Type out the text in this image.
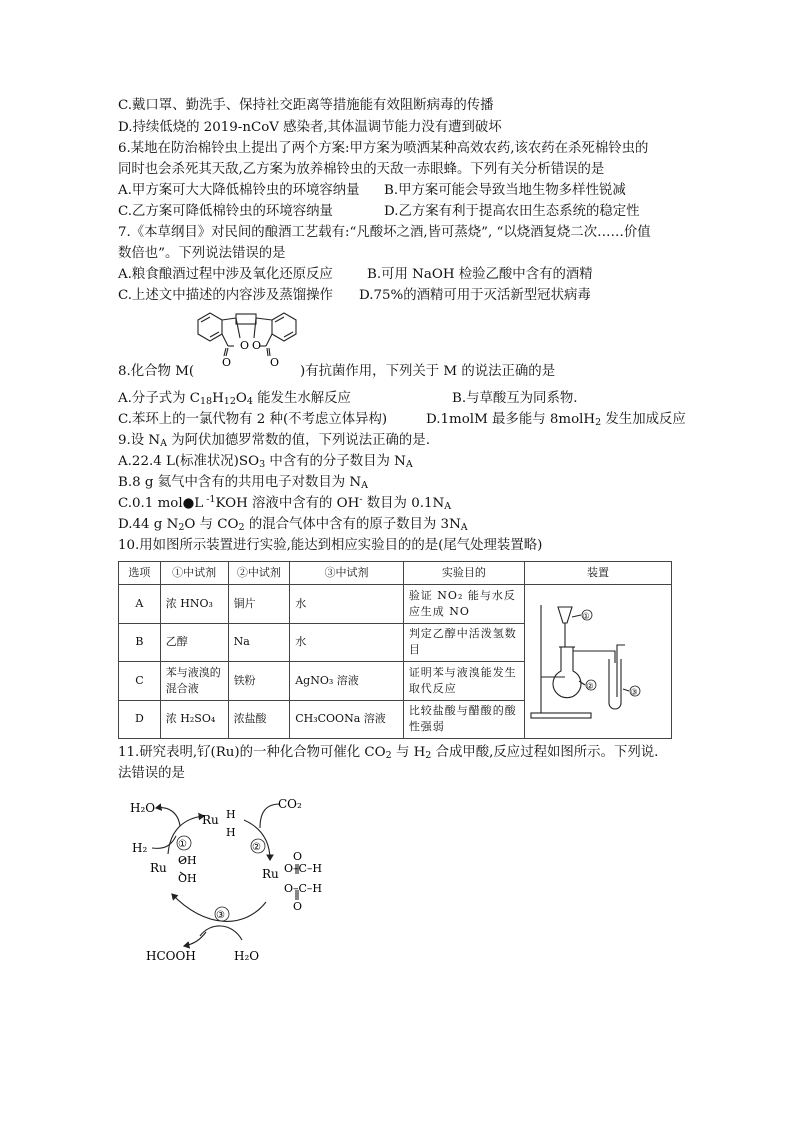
C.戴口罩、勤洗手、保持社交距离等措施能有效阻断病毒的传播
D.持续低烧的 2019-nCoV 感染者,其体温调节能力没有遭到破坏
6.某地在防治棉铃虫上提出了两个方案:甲方案为喷洒某种高效农药,该农药在杀死棉铃虫的
同时也会杀死其天敌,乙方案为放养棉铃虫的天敌一赤眼蜂。下列有关分析错误的是
A.甲方案可大大降低棉铃虫的环境容纳量 B.甲方案可能会导致当地生物多样性锐减
C.乙方案可降低棉铃虫的环境容纳量	D.乙方案有利于提高农田生态系统的稳定性
7.《本草纲目》对民间的酿酒工艺载有:“凡酸坏之酒,皆可蒸烧”, “以烧酒复烧二次……价值
数倍也”。下列说法错误的是
A.粮食酿酒过程中涉及氧化还原反应	B.可用 NaOH 检验乙酸中含有的酒精
C.上述文中描述的内容涉及蒸馏操作 D.75%的酒精可用于灭活新型冠状病毒
O O
O	O
8.化合物 M(	)有抗菌作用，下列关于 M 的说法正确的是
A.分子式为 $C_{18}H_{12}O_4$ 能发生水解反应	B.与草酸互为同系物.
C.苯环上的一氯代物有 2 种(不考虑立体异构)	D.1molM 最多能与 8molH$_2$ 发生加成反应
9.设 $N_A$ 为阿伏加德罗常数的值，下列说法正确的是.
A.22.4 L(标准状况)$SO_3$ 中含有的分子数目为 $N_A$
B.8 g 氦气中含有的共用电子对数目为 $N_A$
C.0.1 mol●L $^{-1}$KOH 溶液中含有的 OH- 数目为 $0.1N_A$
D.44 g $N_2O$ 与 $CO_2$ 的混合气体中含有的原子数目为 $3N_A$
10.用如图所示装置进行实验,能达到相应实验目的的是(尾气处理装置略)
选项	①中试剂	②中试剂	③中试剂	实验目的	装置
A	浓 HNO₃	铜片	水	验证 NO₂ 能与水反应生成 NO	①
②
③

B	乙醇	Na	水	判定乙醇中活泼氢数目	
C	苯与液溴的混合液	铁粉	AgNO₃ 溶液	证明苯与液溴能发生取代反应	
D	浓 H₂SO₄	浓盐酸	CH₃COONa 溶液	比较盐酸与醋酸的酸性强弱	
11.研究表明,钌(Ru)的一种化合物可催化 $CO_2$ 与 $H_2$ 合成甲酸,反应过程如图所示。下列说.
法错误的是
H₂O
H₂
CO₂
Ru H
H
Ru
OH
OH	Ru O–C–H
O–C–H
O
O
①	②
③
HCOOH	H₂O
